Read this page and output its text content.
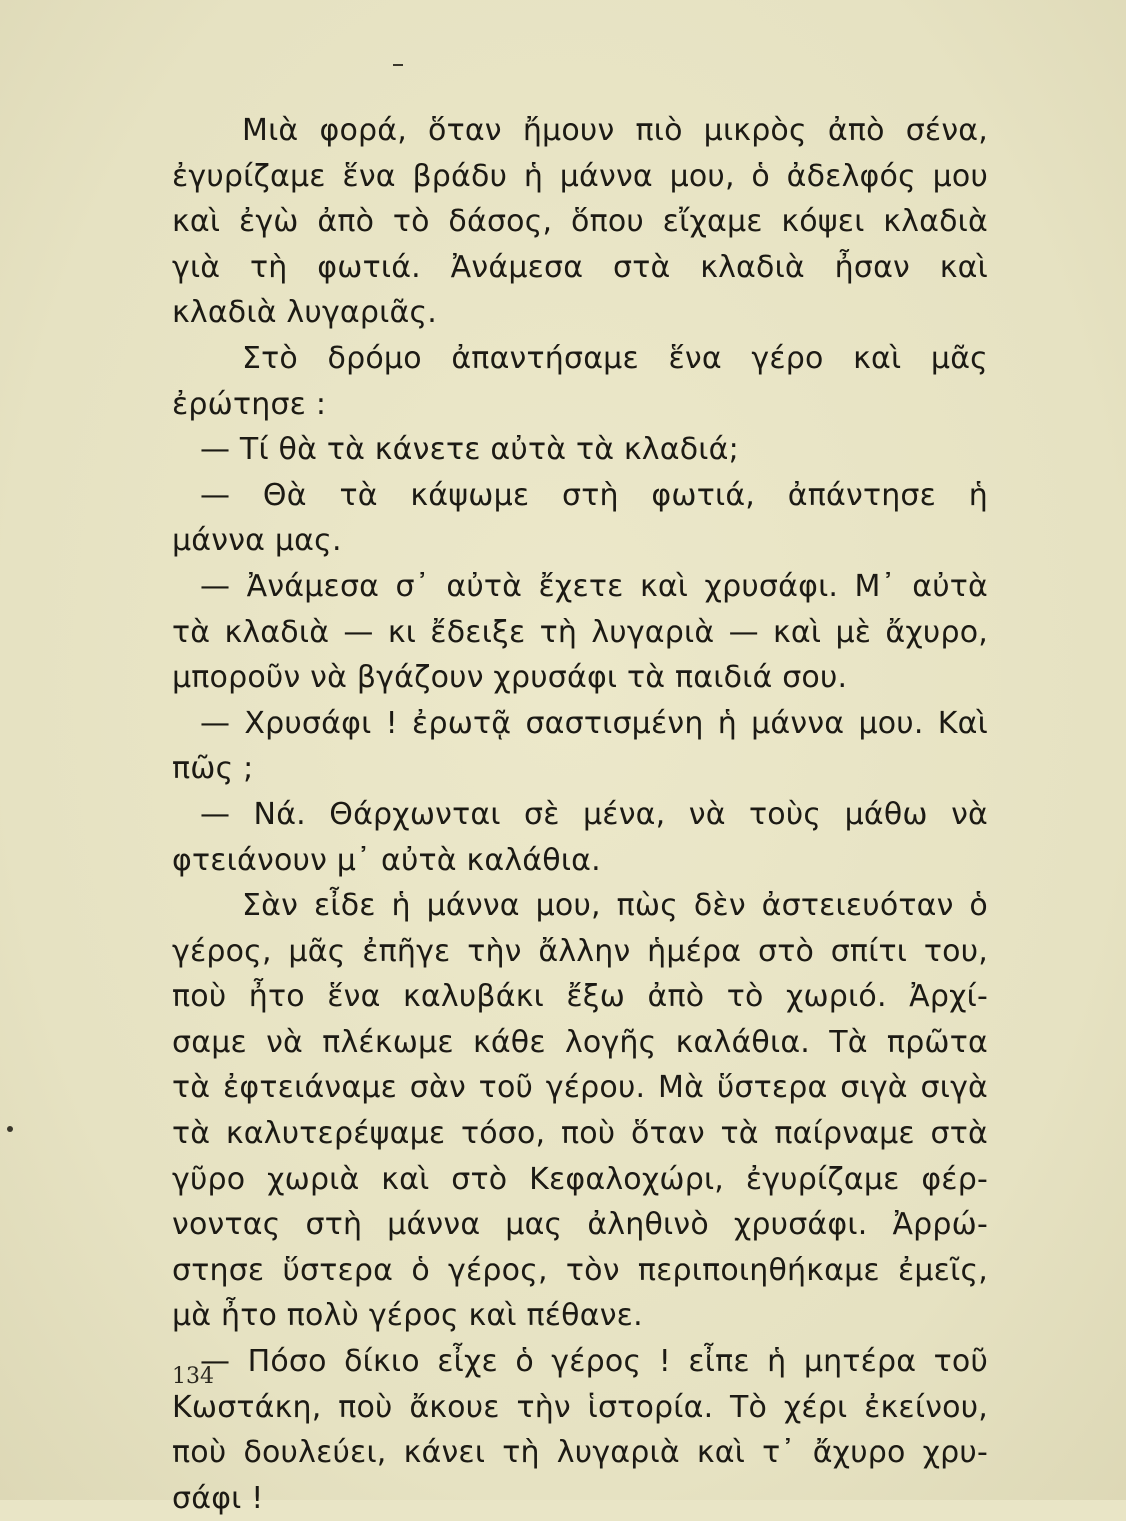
Μιὰ φορά, ὅταν ἤμουν πιὸ μικρὸς ἀπὸ σένα,
ἐγυρίζαμε ἕνα βράδυ ἡ μάννα μου, ὁ ἀδελφός μου
καὶ ἐγὼ ἀπὸ τὸ δάσος, ὅπου εἴχαμε κόψει κλαδιὰ
γιὰ τὴ φωτιά. Ἀνάμεσα στὰ κλαδιὰ ἦσαν καὶ
κλαδιὰ λυγαριᾶς.
Στὸ δρόμο ἀπαντήσαμε ἕνα γέρο καὶ μᾶς
ἐρώτησε :
— Τί θὰ τὰ κάνετε αὐτὰ τὰ κλαδιά;
— Θὰ τὰ κάψωμε στὴ φωτιά, ἀπάντησε ἡ
μάννα μας.
— Ἀνάμεσα σ᾽ αὐτὰ ἔχετε καὶ χρυσάφι. Μ᾽ αὐτὰ
τὰ κλαδιὰ — κι ἔδειξε τὴ λυγαριὰ — καὶ μὲ ἄχυρο,
μποροῦν νὰ βγάζουν χρυσάφι τὰ παιδιά σου.
— Χρυσάφι ! ἐρωτᾷ σαστισμένη ἡ μάννα μου. Καὶ
πῶς ;
— Νά. Θάρχωνται σὲ μένα, νὰ τοὺς μάθω νὰ
φτειάνουν μ᾽ αὐτὰ καλάθια.
Σὰν εἶδε ἡ μάννα μου, πὼς δὲν ἀστειευόταν ὁ
γέρος, μᾶς ἐπῆγε τὴν ἄλλην ἡμέρα στὸ σπίτι του,
ποὺ ἦτο ἕνα καλυβάκι ἔξω ἀπὸ τὸ χωριό. Ἀρχί-
σαμε νὰ πλέκωμε κάθε λογῆς καλάθια. Τὰ πρῶτα
τὰ ἐφτειάναμε σὰν τοῦ γέρου. Μὰ ὕστερα σιγὰ σιγὰ
τὰ καλυτερέψαμε τόσο, ποὺ ὅταν τὰ παίρναμε στὰ
γῦρο χωριὰ καὶ στὸ Κεφαλοχώρι, ἐγυρίζαμε φέρ-
νοντας στὴ μάννα μας ἀληθινὸ χρυσάφι. Ἀρρώ-
στησε ὕστερα ὁ γέρος, τὸν περιποιηθήκαμε ἐμεῖς,
μὰ ἦτο πολὺ γέρος καὶ πέθανε.
— Πόσο δίκιο εἶχε ὁ γέρος ! εἶπε ἡ μητέρα τοῦ
Κωστάκη, ποὺ ἄκουε τὴν ἱστορία. Τὸ χέρι ἐκείνου,
ποὺ δουλεύει, κάνει τὴ λυγαριὰ καὶ τ᾽ ἄχυρο χρυ-
σάφι !
134
